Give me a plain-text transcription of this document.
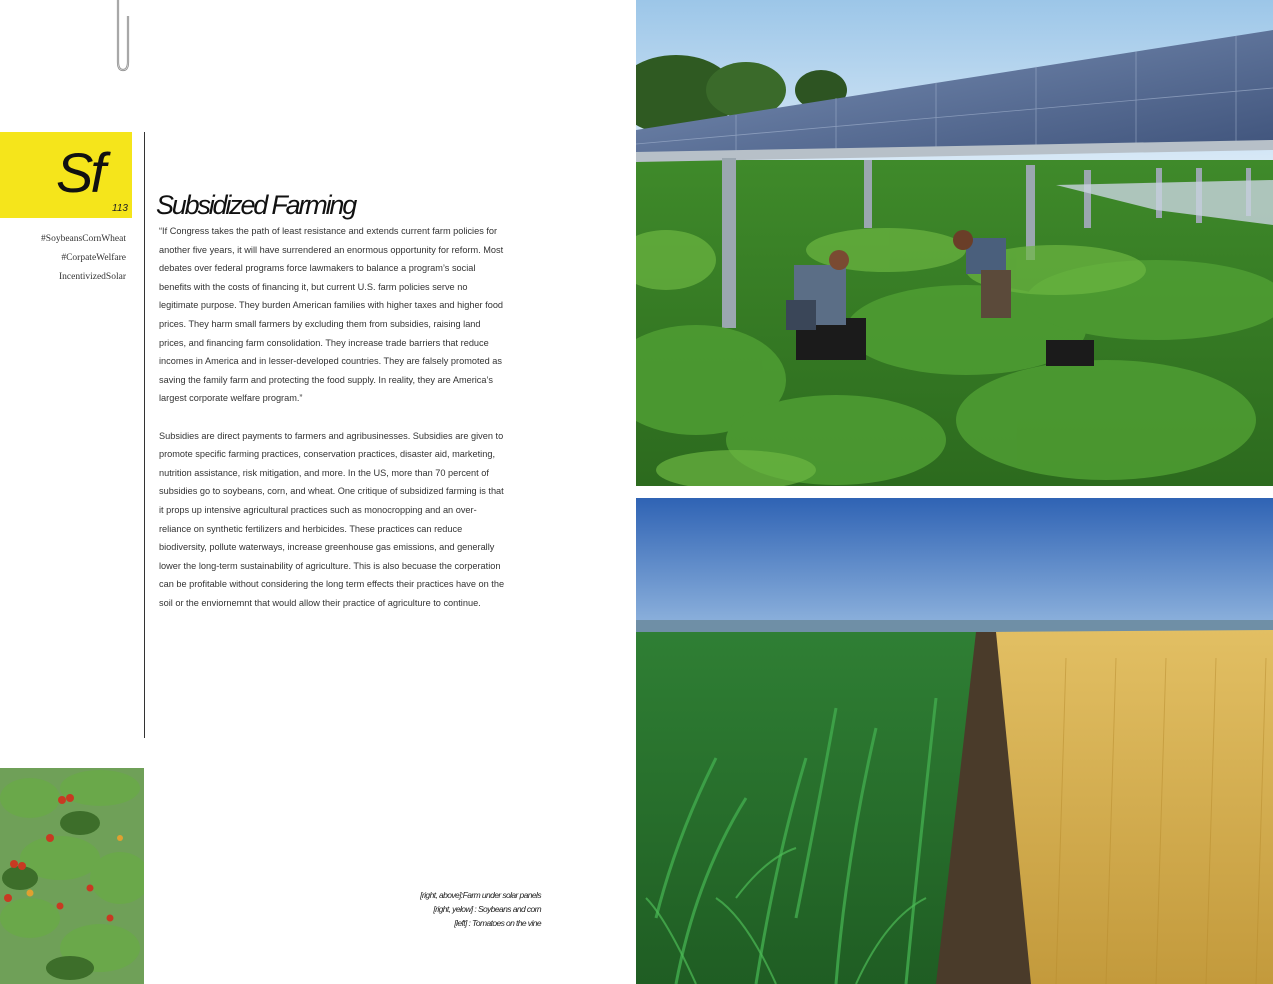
Sf
113
#SoybeansCornWheat
#CorpateWelfare
IncentivizedSolar
Subsidized Farming

“If Congress takes the path of least resistance and extends current farm policies for another five years, it will have surrendered an enormous opportunity for reform. Most debates over federal programs force lawmakers to balance a program’s social benefits with the costs of financing it, but current U.S. farm policies serve no legitimate purpose. They burden American families with higher taxes and higher food prices. They harm small farmers by excluding them from subsidies, raising land prices, and financing farm consolidation. They increase trade barriers that reduce incomes in America and in lesser-developed countries. They are falsely promoted as saving the family farm and protecting the food supply. In reality, they are America’s largest corporate welfare program.”

Subsidies are direct payments to farmers and agribusinesses. Subsidies are given to promote specific farming practices, conservation practices, disaster aid, marketing, nutrition assistance, risk mitigation, and more. In the US, more than 70 percent of subsidies go to soybeans, corn, and wheat. One critique of subsidized farming is that it props up intensive agricultural practices such as monocropping and an over-reliance on synthetic fertilizers and herbicides. These practices can reduce biodiversity, pollute waterways, increase greenhouse gas emissions, and generally lower the long-term sustainability of agriculture. This is also becuase the corperation can be profitable without considering the long term effects their practices have on the soil or the enviornemnt that would allow their practice of agriculture to continue.

[right, above]:Farm under solar panels
[right, yelow] : Soybeans and corn
[left] : Tomatoes on the vine
